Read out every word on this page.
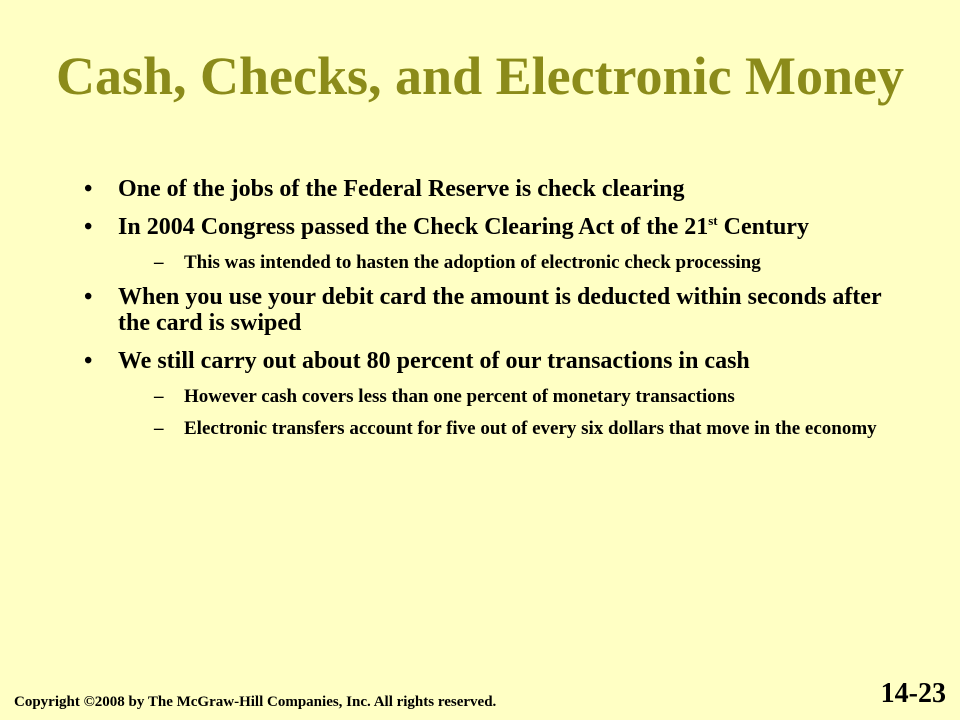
Cash, Checks, and Electronic Money
•	One of the jobs of the Federal Reserve is check clearing
•	In 2004 Congress passed the Check Clearing Act of the 21st Century
–	This was intended to hasten the adoption of electronic check processing
•	When you use your debit card the amount is deducted within seconds after the card is swiped
•	We still carry out about 80 percent of our transactions in cash
–	However cash covers less than one percent of monetary transactions
–	Electronic transfers account for five out of every six dollars that move in the economy
Copyright ©2008 by The McGraw-Hill Companies, Inc. All rights reserved.	14-23
